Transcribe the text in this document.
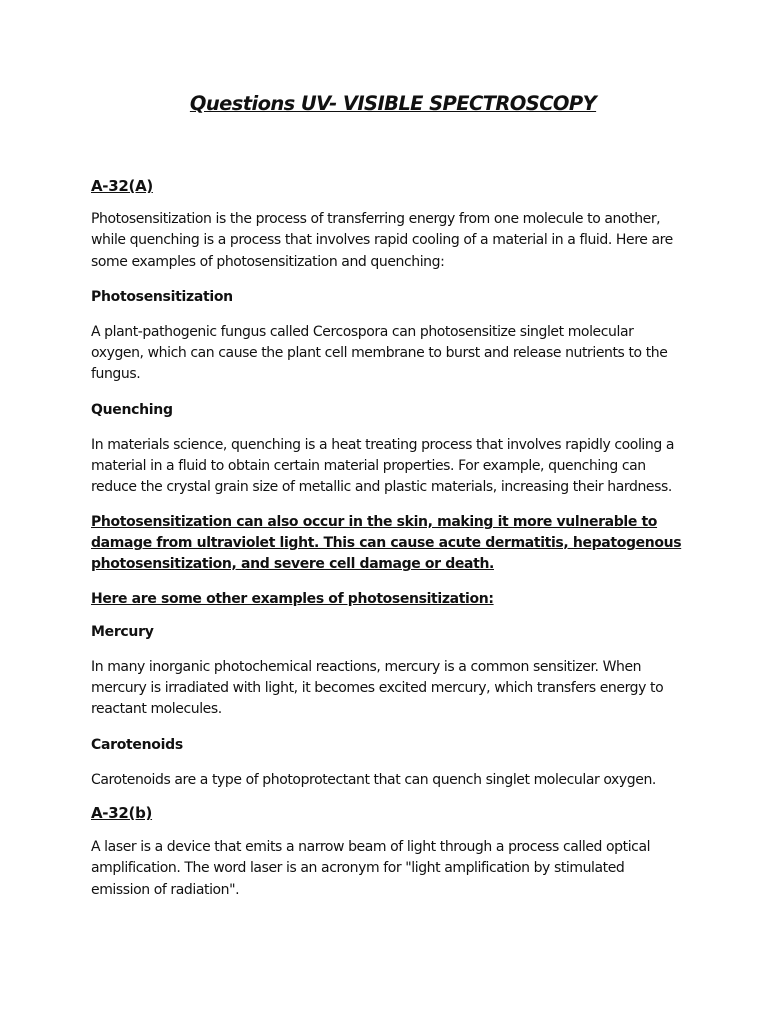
Questions UV- VISIBLE SPECTROSCOPY

A-32(A)

Photosensitization is the process of transferring energy from one molecule to another,

while quenching is a process that involves rapid cooling of a material in a fluid. Here are

some examples of photosensitization and quenching:

Photosensitization

A plant-pathogenic fungus called Cercospora can photosensitize singlet molecular

oxygen, which can cause the plant cell membrane to burst and release nutrients to the

fungus.

Quenching

In materials science, quenching is a heat treating process that involves rapidly cooling a

material in a fluid to obtain certain material properties. For example, quenching can

reduce the crystal grain size of metallic and plastic materials, increasing their hardness.

Photosensitization can also occur in the skin, making it more vulnerable to

damage from ultraviolet light. This can cause acute dermatitis, hepatogenous

photosensitization, and severe cell damage or death.

Here are some other examples of photosensitization:

Mercury

In many inorganic photochemical reactions, mercury is a common sensitizer. When

mercury is irradiated with light, it becomes excited mercury, which transfers energy to

reactant molecules.

Carotenoids

Carotenoids are a type of photoprotectant that can quench singlet molecular oxygen.

A-32(b)

A laser is a device that emits a narrow beam of light through a process called optical

amplification. The word laser is an acronym for "light amplification by stimulated

emission of radiation".
